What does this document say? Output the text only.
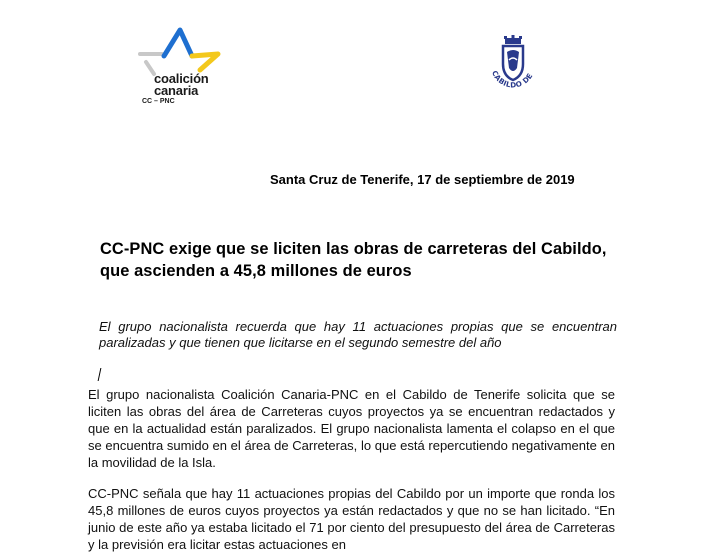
coalición
canaria
CC – PNC
CABILDO DE
Santa Cruz de Tenerife, 17 de septiembre de 2019
CC-PNC exige que se liciten las obras de carreteras del Cabildo, que ascienden a 45,8 millones de euros
El grupo nacionalista recuerda que hay 11 actuaciones propias que se encuentran paralizadas y que tienen que licitarse en el segundo semestre del año
El grupo nacionalista Coalición Canaria-PNC en el Cabildo de Tenerife solicita que se liciten las obras del área de Carreteras cuyos proyectos ya se encuentran redactados y que en la actualidad están paralizados. El grupo nacionalista lamenta el colapso en el que se encuentra sumido en el área de Carreteras, lo que está repercutiendo negativamente en la movilidad de la Isla.
CC-PNC señala que hay 11 actuaciones propias del Cabildo por un importe que ronda los 45,8 millones de euros cuyos proyectos ya están redactados y que no se han licitado. “En junio de este año ya estaba licitado el 71 por ciento del presupuesto del área de Carreteras y la previsión era licitar estas actuaciones en
